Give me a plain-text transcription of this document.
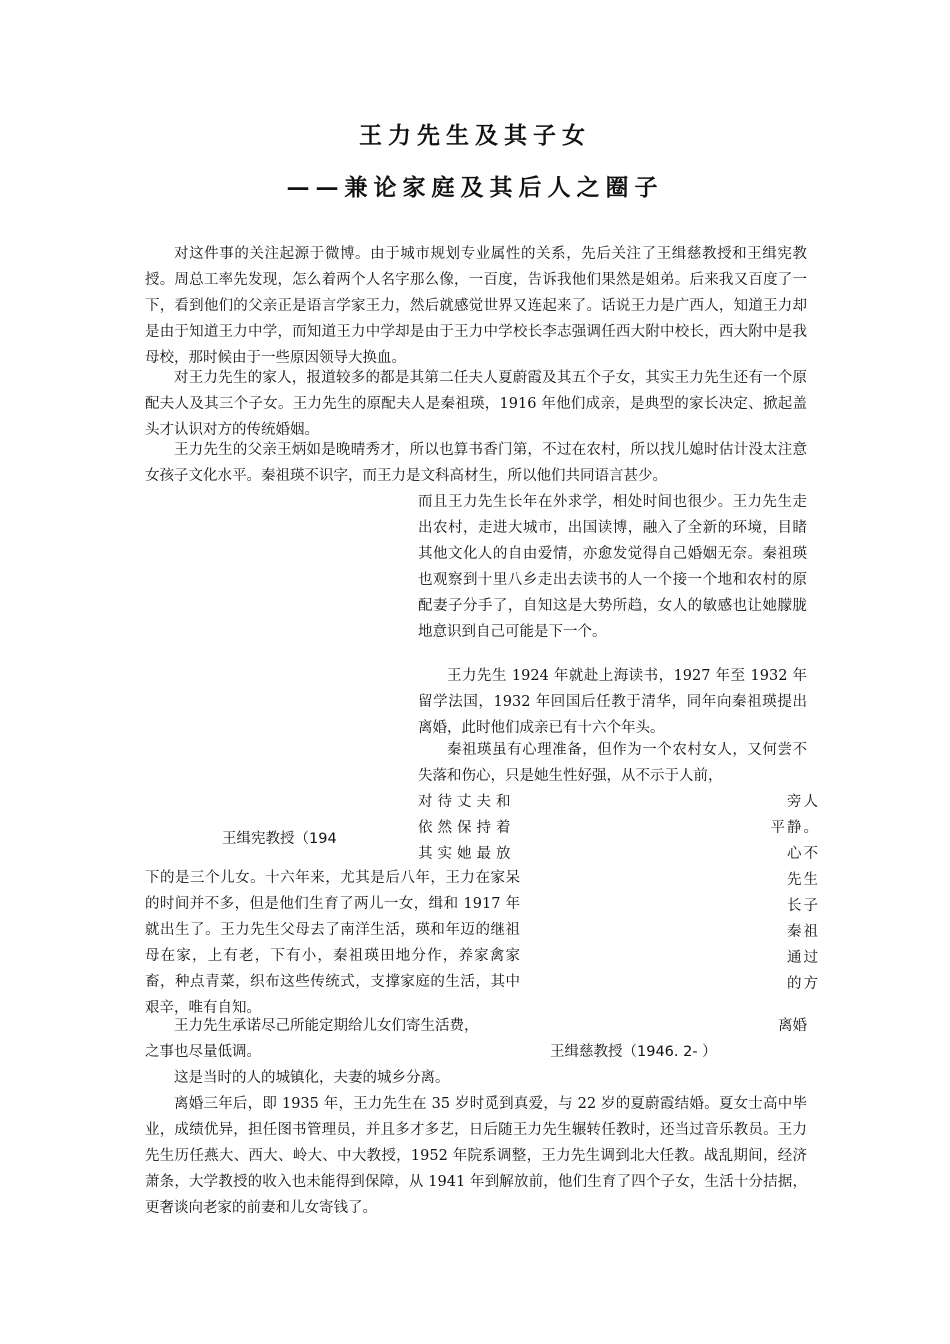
王力先生及其子女
——兼论家庭及其后人之圈子

对这件事的关注起源于微博。由于城市规划专业属性的关系，先后关注了王缉慈教授和王缉宪教授。周总工率先发现，怎么着两个人名字那么像，一百度，告诉我他们果然是姐弟。后来我又百度了一下，看到他们的父亲正是语言学家王力，然后就感觉世界又连起来了。话说王力是广西人，知道王力却是由于知道王力中学，而知道王力中学却是由于王力中学校长李志强调任西大附中校长，西大附中是我母校，那时候由于一些原因领导大换血。

对王力先生的家人，报道较多的都是其第二任夫人夏蔚霞及其五个子女，其实王力先生还有一个原配夫人及其三个子女。王力先生的原配夫人是秦祖瑛，1916 年他们成亲，是典型的家长决定、掀起盖头才认识对方的传统婚姻。

王力先生的父亲王炳如是晚晴秀才，所以也算书香门第，不过在农村，所以找儿媳时估计没太注意女孩子文化水平。秦祖瑛不识字，而王力是文科高材生，所以他们共同语言甚少。

而且王力先生长年在外求学，相处时间也很少。王力先生走出农村，走进大城市，出国读博，融入了全新的环境，目睹其他文化人的自由爱情，亦愈发觉得自己婚姻无奈。秦祖瑛也观察到十里八乡走出去读书的人一个接一个地和农村的原配妻子分手了，自知这是大势所趋，女人的敏感也让她朦胧地意识到自己可能是下一个。

王力先生 1924 年就赴上海读书，1927 年至 1932 年留学法国，1932 年回国后任教于清华，同年向秦祖瑛提出离婚，此时他们成亲已有十六个年头。

秦祖瑛虽有心理准备，但作为一个农村女人，又何尝不失落和伤心，只是她生性好强，从不示于人前，

对待丈夫和
依然保持着
其实她最放
旁人
平静。
心不
先生
长子
秦祖
通过
的方

王缉宪教授（194

下的是三个儿女。十六年来，尤其是后八年，王力在家呆的时间并不多，但是他们生育了两儿一女，缉和 1917 年就出生了。王力先生父母去了南洋生活，瑛和年迈的继祖母在家，上有老，下有小，秦祖瑛田地分作，养家禽家畜，种点青菜，织布这些传统式，支撑家庭的生活，其中艰辛，唯有自知。

王力先生承诺尽己所能定期给儿女们寄生活费，	离婚

之事也尽量低调。	王缉慈教授（1946. 2- ）

这是当时的人的城镇化，夫妻的城乡分离。

离婚三年后，即 1935 年，王力先生在 35 岁时觅到真爱，与 22 岁的夏蔚霞结婚。夏女士高中毕业，成绩优异，担任图书管理员，并且多才多艺，日后随王力先生辗转任教时，还当过音乐教员。王力先生历任燕大、西大、岭大、中大教授，1952 年院系调整，王力先生调到北大任教。战乱期间，经济萧条，大学教授的收入也未能得到保障，从 1941 年到解放前，他们生育了四个子女，生活十分拮据，更奢谈向老家的前妻和儿女寄钱了。
